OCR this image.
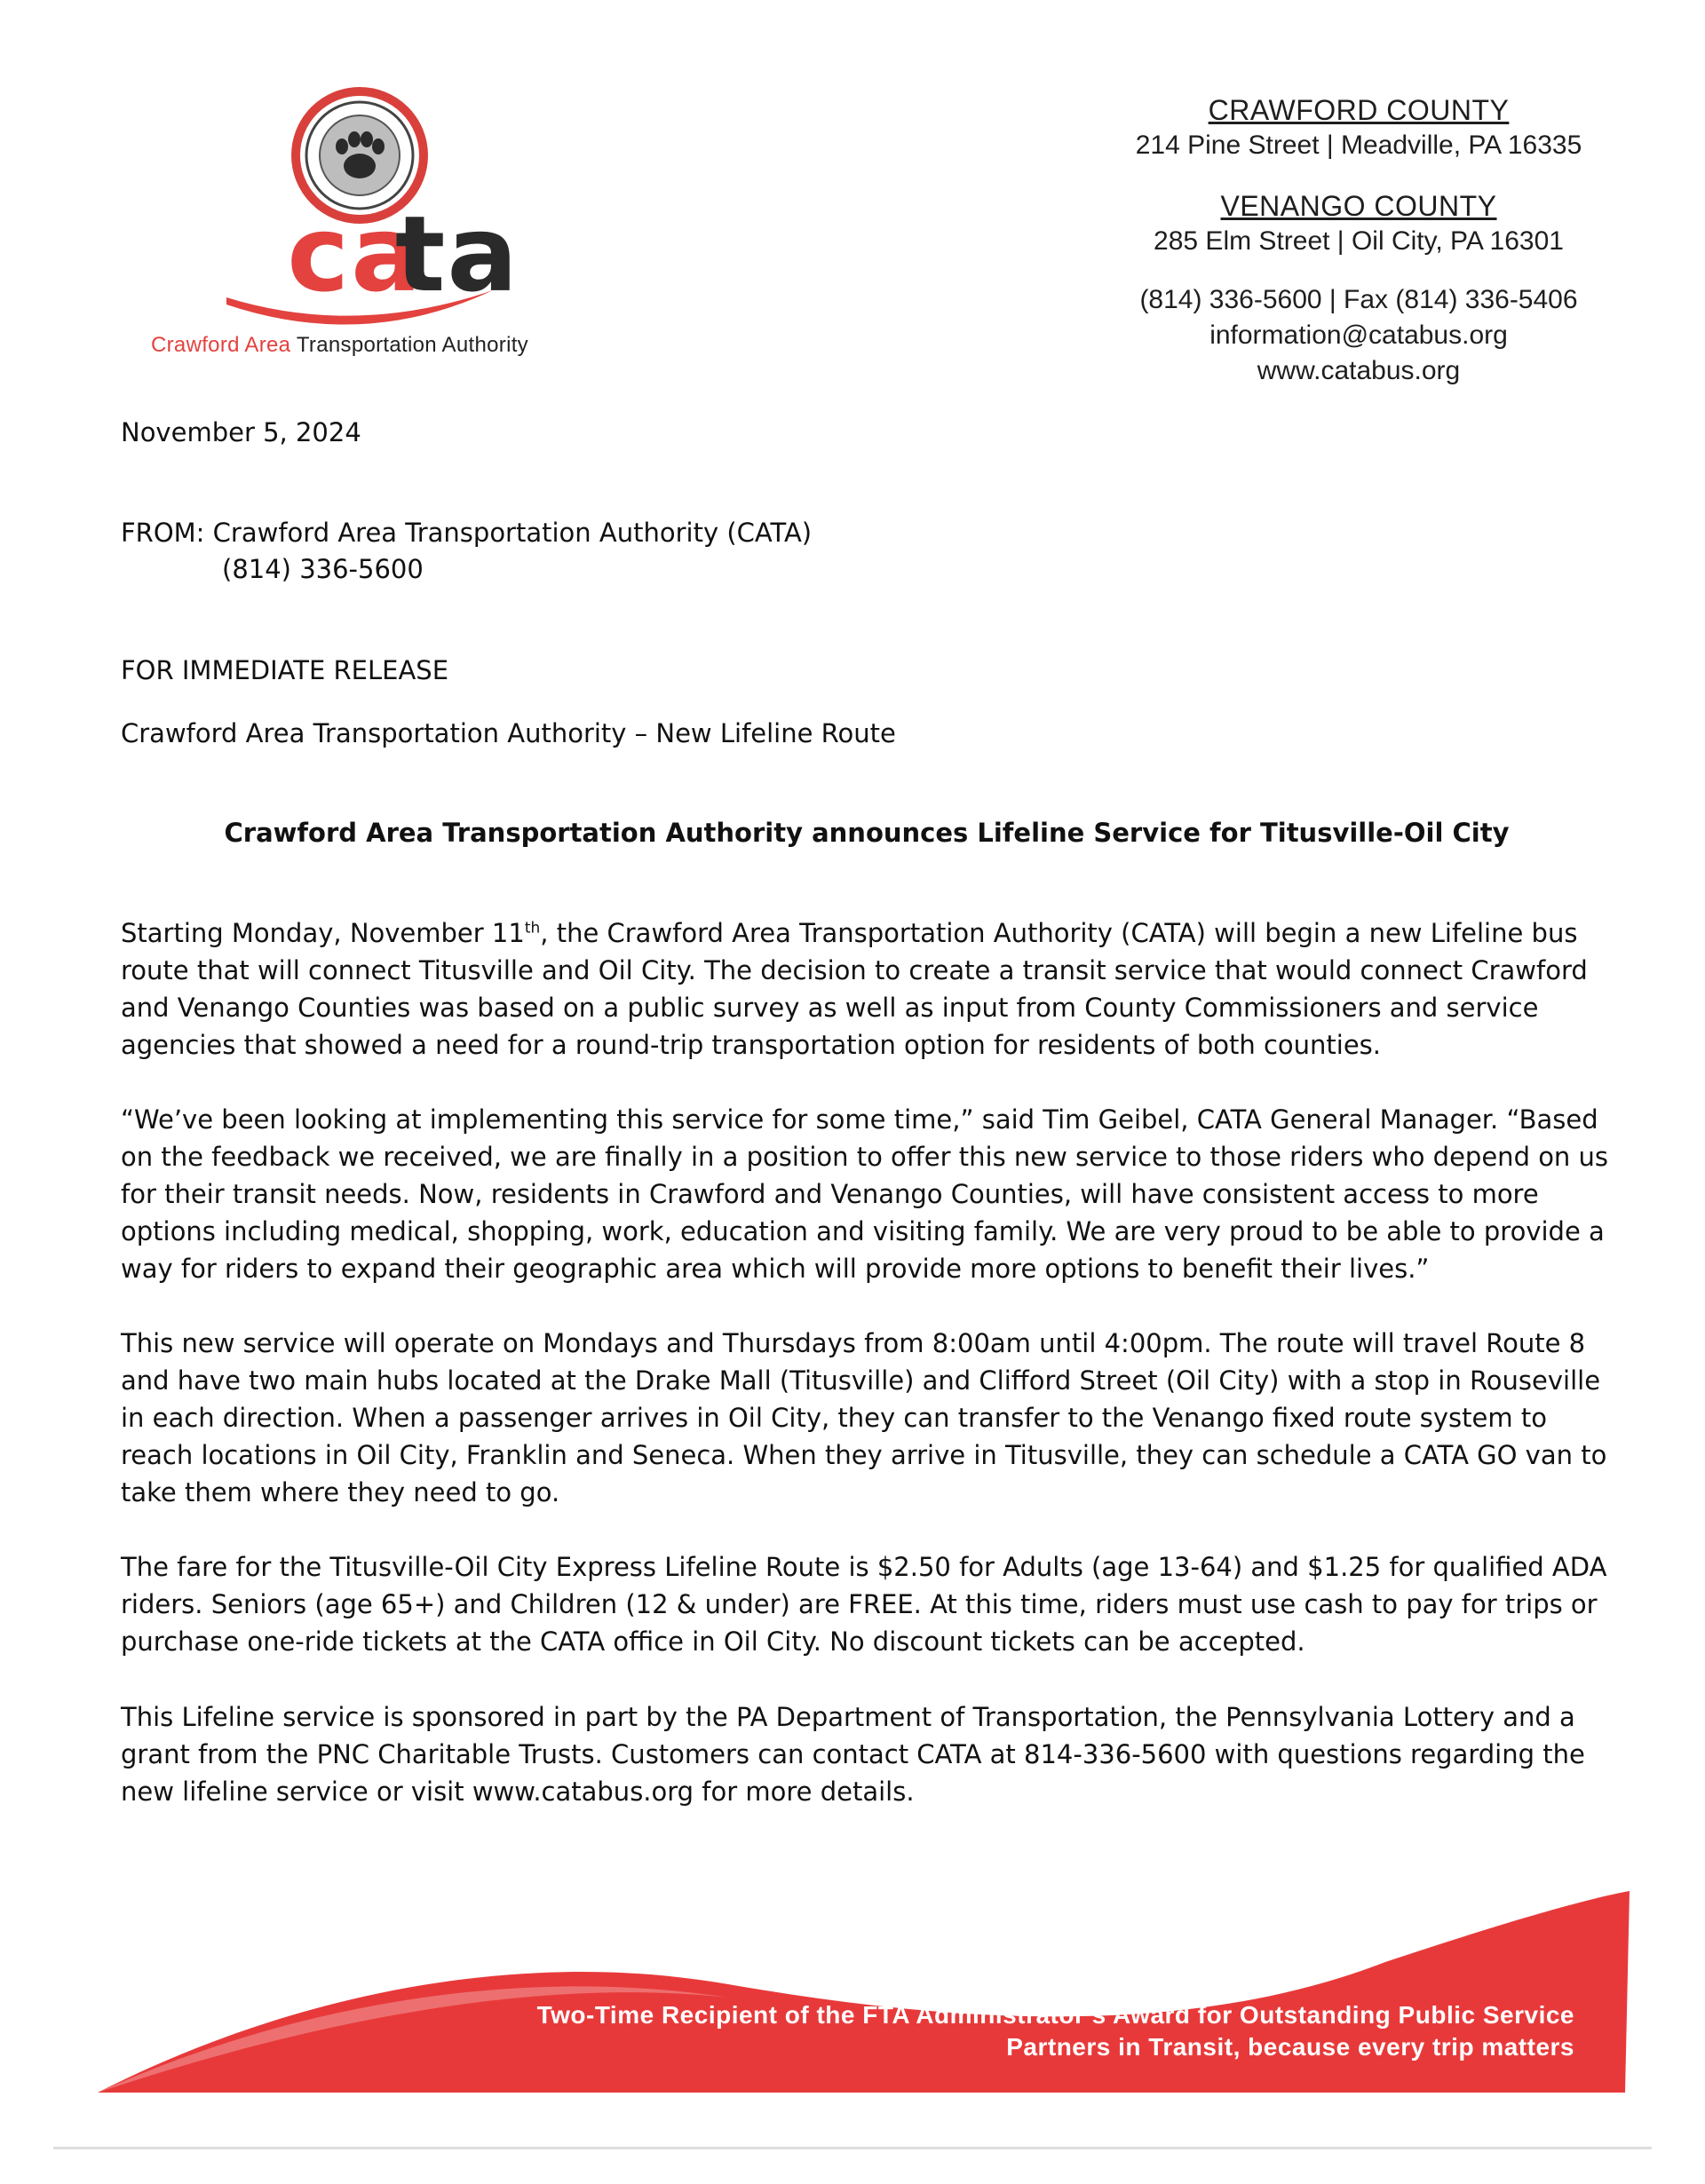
ca
ta
Crawford Area Transportation Authority
CRAWFORD COUNTY
214 Pine Street | Meadville, PA 16335
VENANGO COUNTY
285 Elm Street | Oil City, PA 16301
(814) 336-5600 | Fax (814) 336-5406
information@catabus.org
www.catabus.org
November 5, 2024
FROM: Crawford Area Transportation Authority (CATA)
(814) 336-5600
FOR IMMEDIATE RELEASE
Crawford Area Transportation Authority – New Lifeline Route
Crawford Area Transportation Authority announces Lifeline Service for Titusville-Oil City

Starting Monday, November 11th, the Crawford Area Transportation Authority (CATA) will begin a new Lifeline bus route that will connect Titusville and Oil City. The decision to create a transit service that would connect Crawford and Venango Counties was based on a public survey as well as input from County Commissioners and service agencies that showed a need for a round-trip transportation option for residents of both counties.

“We’ve been looking at implementing this service for some time,” said Tim Geibel, CATA General Manager. “Based on the feedback we received, we are finally in a position to offer this new service to those riders who depend on us for their transit needs. Now, residents in Crawford and Venango Counties, will have consistent access to more options including medical, shopping, work, education and visiting family. We are very proud to be able to provide a way for riders to expand their geographic area which will provide more options to benefit their lives.”

This new service will operate on Mondays and Thursdays from 8:00am until 4:00pm. The route will travel Route 8 and have two main hubs located at the Drake Mall (Titusville) and Clifford Street (Oil City) with a stop in Rouseville in each direction. When a passenger arrives in Oil City, they can transfer to the Venango fixed route system to reach locations in Oil City, Franklin and Seneca. When they arrive in Titusville, they can schedule a CATA GO van to take them where they need to go.

The fare for the Titusville-Oil City Express Lifeline Route is $2.50 for Adults (age 13-64) and $1.25 for qualified ADA riders. Seniors (age 65+) and Children (12 & under) are FREE. At this time, riders must use cash to pay for trips or purchase one-ride tickets at the CATA office in Oil City. No discount tickets can be accepted.

This Lifeline service is sponsored in part by the PA Department of Transportation, the Pennsylvania Lottery and a grant from the PNC Charitable Trusts. Customers can contact CATA at 814-336-5600 with questions regarding the new lifeline service or visit www.catabus.org for more details.

Two-Time Recipient of the FTA Administrator’s Award for Outstanding Public Service
Partners in Transit, because every trip matters
